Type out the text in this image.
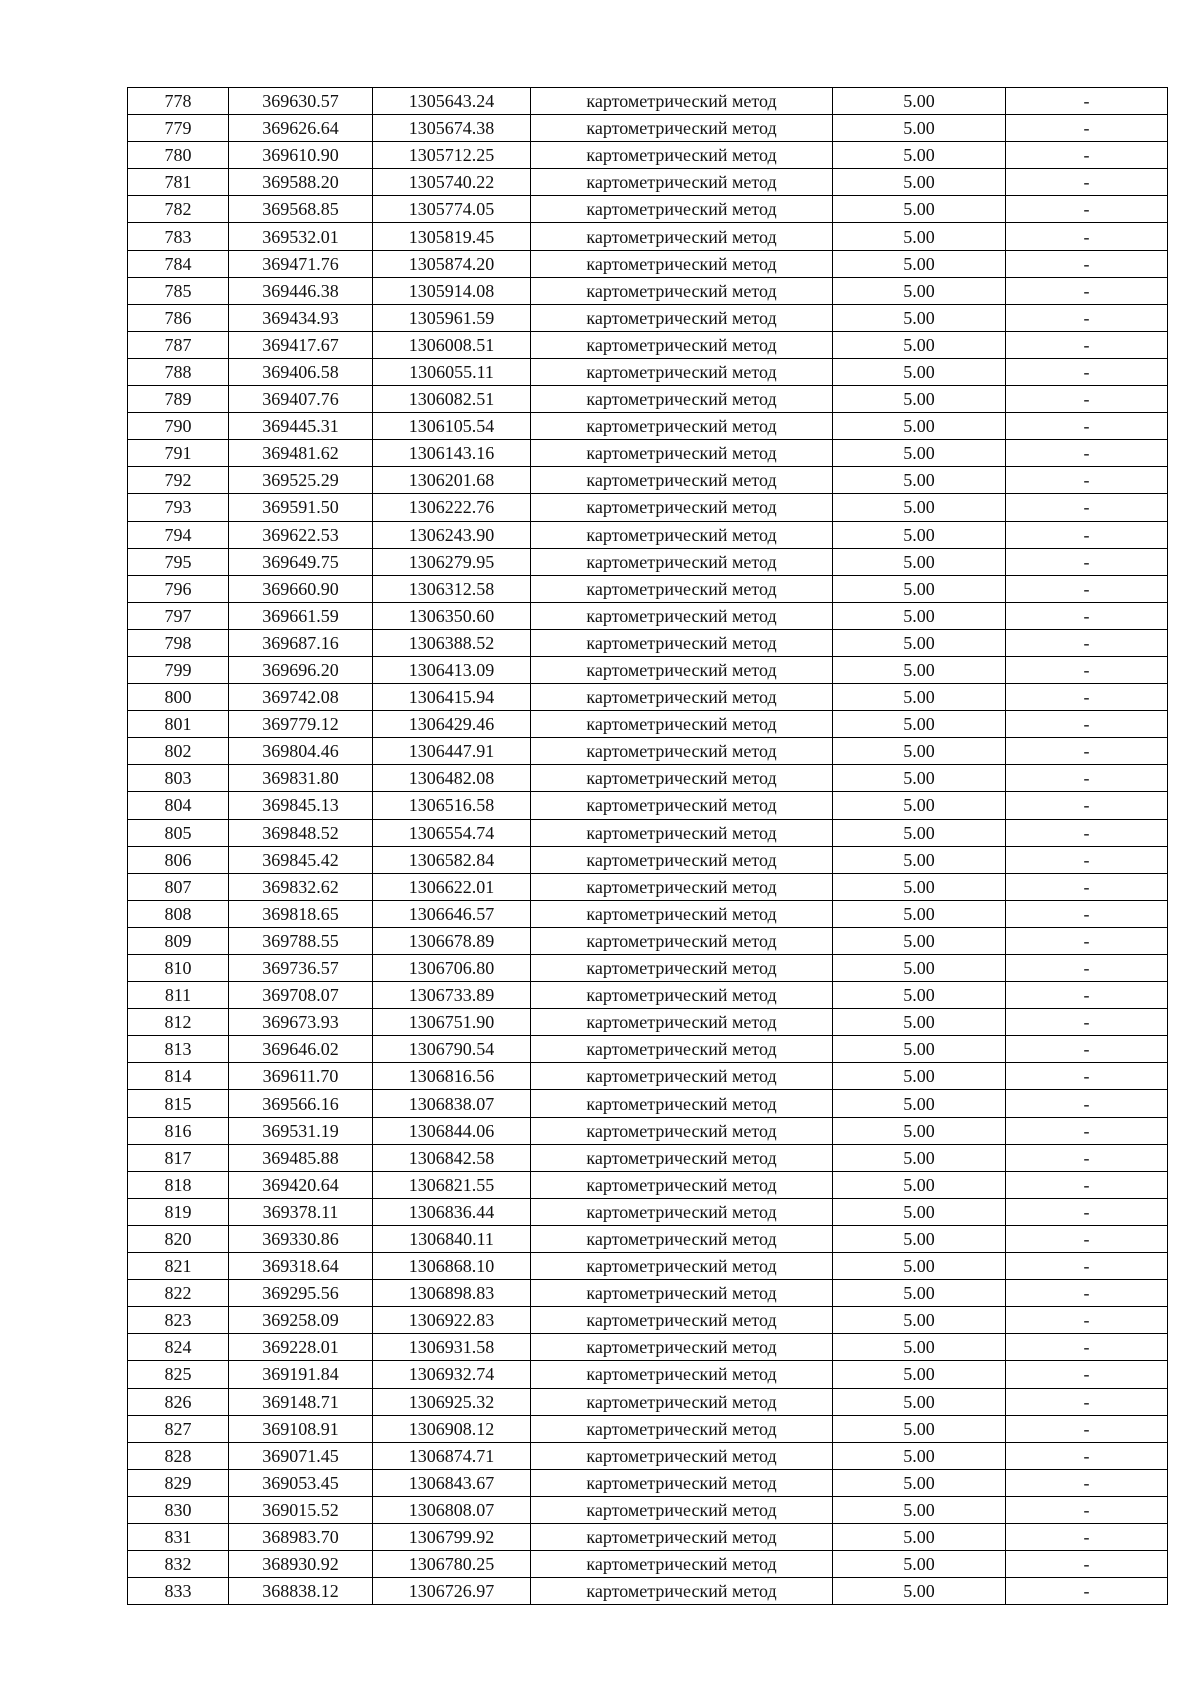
778	369630.57	1305643.24	картометрический метод	5.00	-
779	369626.64	1305674.38	картометрический метод	5.00	-
780	369610.90	1305712.25	картометрический метод	5.00	-
781	369588.20	1305740.22	картометрический метод	5.00	-
782	369568.85	1305774.05	картометрический метод	5.00	-
783	369532.01	1305819.45	картометрический метод	5.00	-
784	369471.76	1305874.20	картометрический метод	5.00	-
785	369446.38	1305914.08	картометрический метод	5.00	-
786	369434.93	1305961.59	картометрический метод	5.00	-
787	369417.67	1306008.51	картометрический метод	5.00	-
788	369406.58	1306055.11	картометрический метод	5.00	-
789	369407.76	1306082.51	картометрический метод	5.00	-
790	369445.31	1306105.54	картометрический метод	5.00	-
791	369481.62	1306143.16	картометрический метод	5.00	-
792	369525.29	1306201.68	картометрический метод	5.00	-
793	369591.50	1306222.76	картометрический метод	5.00	-
794	369622.53	1306243.90	картометрический метод	5.00	-
795	369649.75	1306279.95	картометрический метод	5.00	-
796	369660.90	1306312.58	картометрический метод	5.00	-
797	369661.59	1306350.60	картометрический метод	5.00	-
798	369687.16	1306388.52	картометрический метод	5.00	-
799	369696.20	1306413.09	картометрический метод	5.00	-
800	369742.08	1306415.94	картометрический метод	5.00	-
801	369779.12	1306429.46	картометрический метод	5.00	-
802	369804.46	1306447.91	картометрический метод	5.00	-
803	369831.80	1306482.08	картометрический метод	5.00	-
804	369845.13	1306516.58	картометрический метод	5.00	-
805	369848.52	1306554.74	картометрический метод	5.00	-
806	369845.42	1306582.84	картометрический метод	5.00	-
807	369832.62	1306622.01	картометрический метод	5.00	-
808	369818.65	1306646.57	картометрический метод	5.00	-
809	369788.55	1306678.89	картометрический метод	5.00	-
810	369736.57	1306706.80	картометрический метод	5.00	-
811	369708.07	1306733.89	картометрический метод	5.00	-
812	369673.93	1306751.90	картометрический метод	5.00	-
813	369646.02	1306790.54	картометрический метод	5.00	-
814	369611.70	1306816.56	картометрический метод	5.00	-
815	369566.16	1306838.07	картометрический метод	5.00	-
816	369531.19	1306844.06	картометрический метод	5.00	-
817	369485.88	1306842.58	картометрический метод	5.00	-
818	369420.64	1306821.55	картометрический метод	5.00	-
819	369378.11	1306836.44	картометрический метод	5.00	-
820	369330.86	1306840.11	картометрический метод	5.00	-
821	369318.64	1306868.10	картометрический метод	5.00	-
822	369295.56	1306898.83	картометрический метод	5.00	-
823	369258.09	1306922.83	картометрический метод	5.00	-
824	369228.01	1306931.58	картометрический метод	5.00	-
825	369191.84	1306932.74	картометрический метод	5.00	-
826	369148.71	1306925.32	картометрический метод	5.00	-
827	369108.91	1306908.12	картометрический метод	5.00	-
828	369071.45	1306874.71	картометрический метод	5.00	-
829	369053.45	1306843.67	картометрический метод	5.00	-
830	369015.52	1306808.07	картометрический метод	5.00	-
831	368983.70	1306799.92	картометрический метод	5.00	-
832	368930.92	1306780.25	картометрический метод	5.00	-
833	368838.12	1306726.97	картометрический метод	5.00	-
